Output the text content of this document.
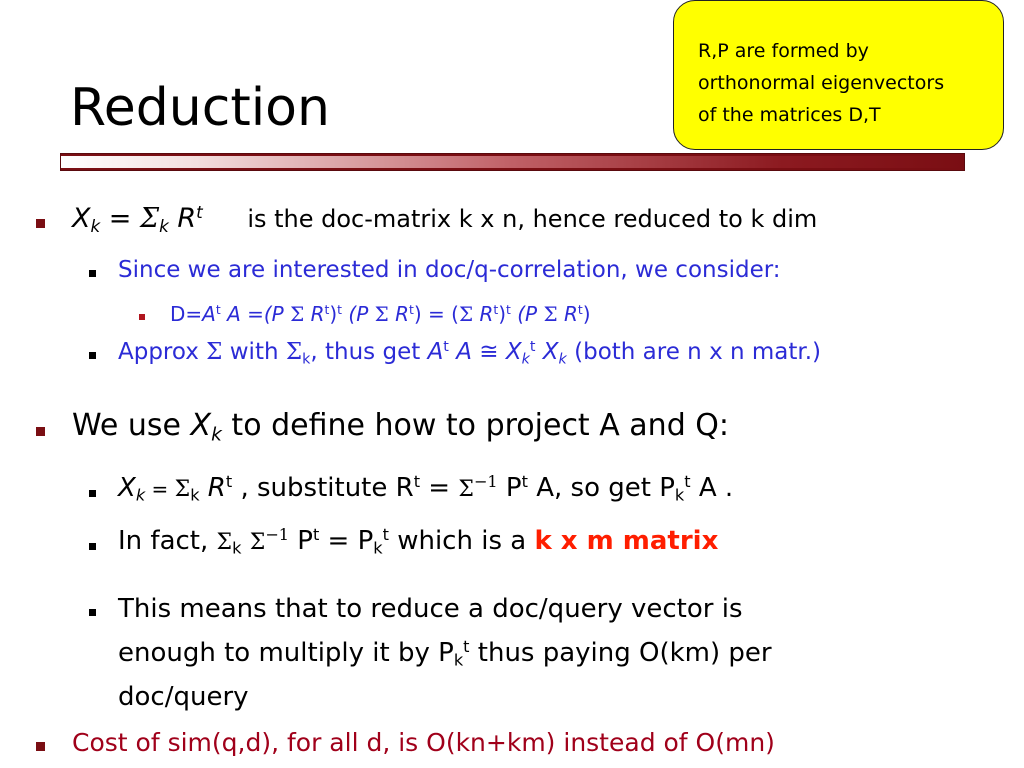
Reduction
R,P are formed by
orthonormal eigenvectors
of the matrices D,T
$X_k = \Sigma_k$ $R^t$ is the doc-matrix k x n, hence reduced to k dim
Since we are interested in doc/q-correlation, we consider:
$D=A^t$ A =(P Σ $R^t)^t$ (P Σ $R^t) = (\Sigma$ $R^t)^t$ (P Σ $R^t$)
Approx Σ with $\Sigma_k$, thus get $A^t$ A ≅ $X_k^t$ $X_k$ (both are n x n matr.)
We use $X_k$ to define how to project A and Q:
$X_k = \Sigma_k$ $R^t$ , substitute $R^t = \Sigma^{-1}$ $P^t$ A, so get $P_k^t$ A .
In fact, $\Sigma_k$ $\Sigma^{-1}$ $P^t = P_k^t$ which is a k x m matrix
This means that to reduce a doc/query vector is
enough to multiply it by $P_k^t$ thus paying O(km) per
doc/query
Cost of sim(q,d), for all d, is O(kn+km) instead of O(mn)
